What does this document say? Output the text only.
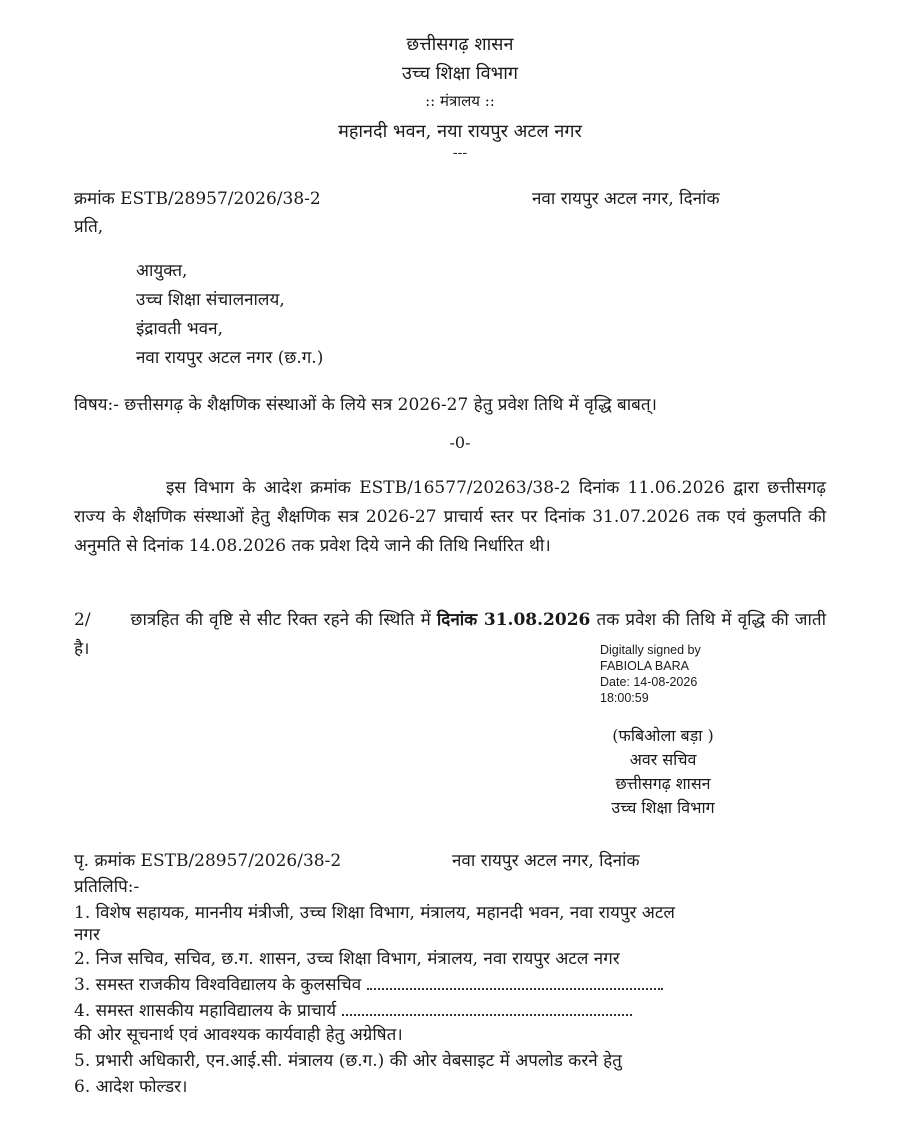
छत्तीसगढ़ शासन
उच्च शिक्षा विभाग
:: मंत्रालय ::
महानदी भवन, नया रायपुर अटल नगर
---
क्रमांक ESTB/28957/2026/38-2	नवा रायपुर अटल नगर, दिनांक
प्रति,
आयुक्त,
उच्च शिक्षा संचालनालय,
इंद्रावती भवन,
नवा रायपुर अटल नगर (छ.ग.)
विषय:- छत्तीसगढ़ के शैक्षणिक संस्थाओं के लिये सत्र 2026-27 हेतु प्रवेश तिथि में वृद्धि बाबत्।
-0-
इस विभाग के आदेश क्रमांक ESTB/16577/20263/38-2 दिनांक 11.06.2026 द्वारा छत्तीसगढ़ राज्य के शैक्षणिक संस्थाओं हेतु शैक्षणिक सत्र 2026-27 प्राचार्य स्तर पर दिनांक 31.07.2026 तक एवं कुलपति की अनुमति से दिनांक 14.08.2026 तक प्रवेश दिये जाने की तिथि निर्धारित थी।
2/ छात्रहित की वृष्टि से सीट रिक्त रहने की स्थिति में दिनांक 31.08.2026 तक प्रवेश की तिथि में वृद्धि की जाती है।	Digitally signed by
FABIOLA BARA
Date: 14-08-2026
18:00:59
(फबिओला बड़ा )
अवर सचिव
छत्तीसगढ़ शासन
उच्च शिक्षा विभाग
पृ. क्रमांक ESTB/28957/2026/38-2	नवा रायपुर अटल नगर, दिनांक
प्रतिलिपि:-
1. विशेष सहायक, माननीय मंत्रीजी, उच्च शिक्षा विभाग, मंत्रालय, महानदी भवन, नवा रायपुर अटल
नगर
2. निज सचिव, सचिव, छ.ग. शासन, उच्च शिक्षा विभाग, मंत्रालय, नवा रायपुर अटल नगर
3. समस्त राजकीय विश्वविद्यालय के कुलसचिव
4. समस्त शासकीय महाविद्यालय के प्राचार्य
की ओर सूचनार्थ एवं आवश्यक कार्यवाही हेतु अग्रेषित।
5. प्रभारी अधिकारी, एन.आई.सी. मंत्रालय (छ.ग.) की ओर वेबसाइट में अपलोड करने हेतु
6. आदेश फोल्डर।
